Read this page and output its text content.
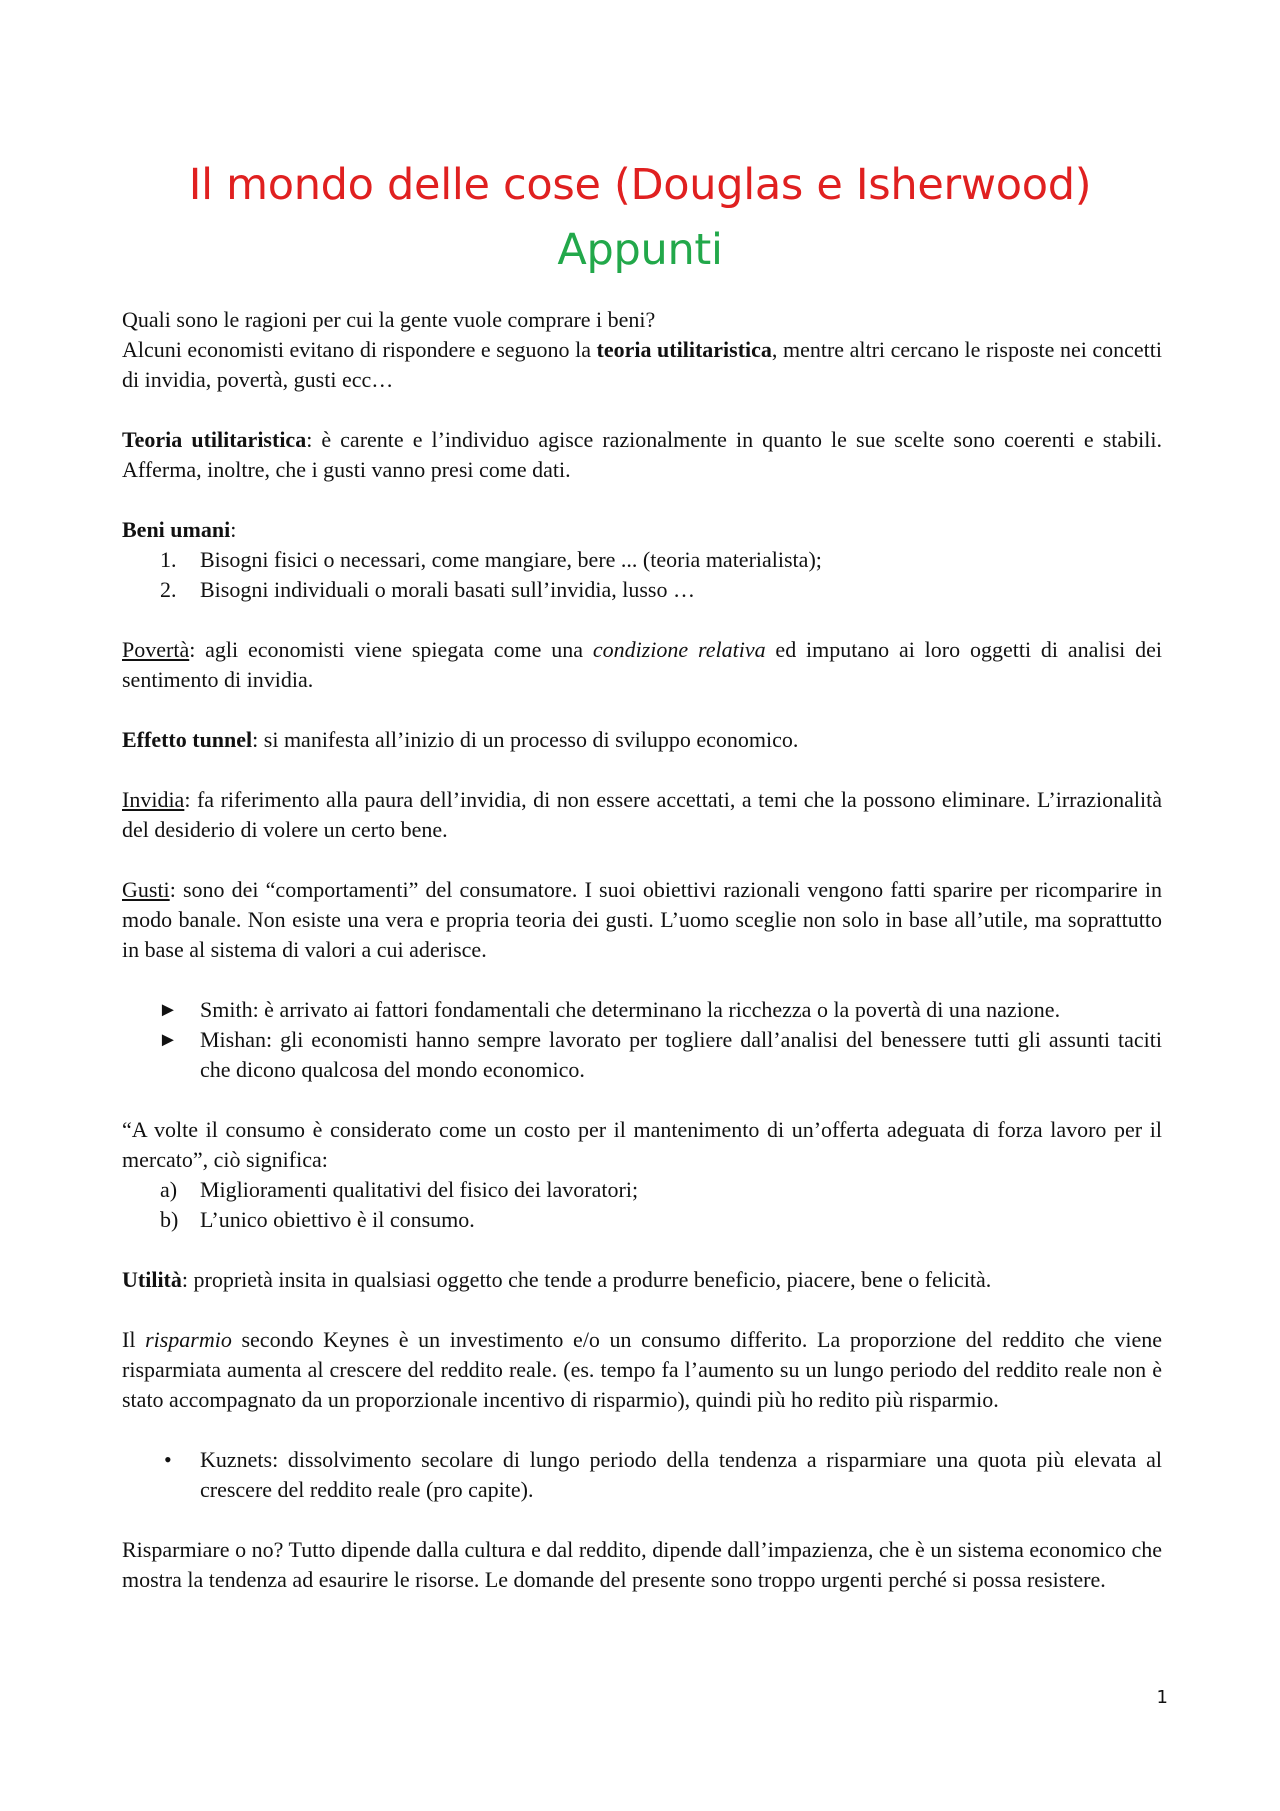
Il mondo delle cose (Douglas e Isherwood)
Appunti

Quali sono le ragioni per cui la gente vuole comprare i beni?

Alcuni economisti evitano di rispondere e seguono la teoria utilitaristica, mentre altri cercano le risposte nei concetti di invidia, povertà, gusti ecc…

Teoria utilitaristica: è carente e l’individuo agisce razionalmente in quanto le sue scelte sono coerenti e stabili. Afferma, inoltre, che i gusti vanno presi come dati.

Beni umani:

1. Bisogni fisici o necessari, come mangiare, bere ... (teoria materialista);
2. Bisogni individuali o morali basati sull’invidia, lusso …

Povertà: agli economisti viene spiegata come una condizione relativa ed imputano ai loro oggetti di analisi dei sentimento di invidia.

Effetto tunnel: si manifesta all’inizio di un processo di sviluppo economico.

Invidia: fa riferimento alla paura dell’invidia, di non essere accettati, a temi che la possono eliminare. L’irrazionalità del desiderio di volere un certo bene.

Gusti: sono dei “comportamenti” del consumatore. I suoi obiettivi razionali vengono fatti sparire per ricomparire in modo banale. Non esiste una vera e propria teoria dei gusti. L’uomo sceglie non solo in base all’utile, ma soprattutto in base al sistema di valori a cui aderisce.

► Smith: è arrivato ai fattori fondamentali che determinano la ricchezza o la povertà di una nazione.
► Mishan: gli economisti hanno sempre lavorato per togliere dall’analisi del benessere tutti gli assunti taciti che dicono qualcosa del mondo economico.

“A volte il consumo è considerato come un costo per il mantenimento di un’offerta adeguata di forza lavoro per il mercato”, ciò significa:

a) Miglioramenti qualitativi del fisico dei lavoratori;
b) L’unico obiettivo è il consumo.

Utilità: proprietà insita in qualsiasi oggetto che tende a produrre beneficio, piacere, bene o felicità.

Il risparmio secondo Keynes è un investimento e/o un consumo differito. La proporzione del reddito che viene risparmiata aumenta al crescere del reddito reale. (es. tempo fa l’aumento su un lungo periodo del reddito reale non è stato accompagnato da un proporzionale incentivo di risparmio), quindi più ho redito più risparmio.

• Kuznets: dissolvimento secolare di lungo periodo della tendenza a risparmiare una quota più elevata al crescere del reddito reale (pro capite).

Risparmiare o no? Tutto dipende dalla cultura e dal reddito, dipende dall’impazienza, che è un sistema economico che mostra la tendenza ad esaurire le risorse. Le domande del presente sono troppo urgenti perché si possa resistere.

1
